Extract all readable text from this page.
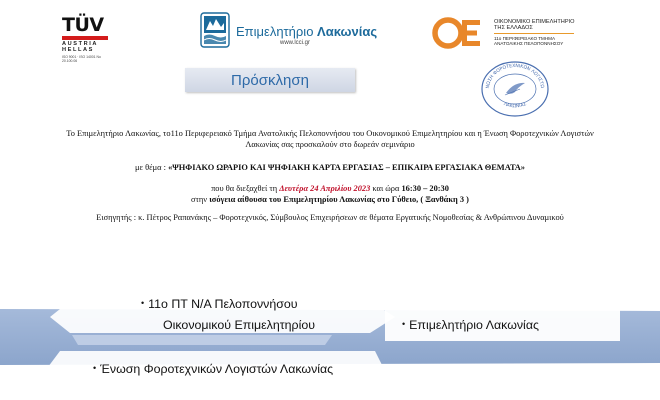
TÜV
AUSTRIA
HELLAS
ISO 9001 · ISO 14001 No 20.100.06
Επιμελητήριο Λακωνίας
www.lcci.gr
ΟΙΚΟΝΟΜΙΚΟ ΕΠΙΜΕΛΗΤΗΡΙΟ ΤΗΣ ΕΛΛΑΔΟΣ
11ο ΠΕΡΙΦΕΡΕΙΑΚΟ ΤΜΗΜΑ ΑΝΑΤΟΛΙΚΗΣ ΠΕΛΟΠΟΝΝΗΣΟΥ
ΝΩΣΗ ΦΟΡΟΤΕΧΝΙΚΩΝ ΛΟΓΙΣΤΩ
ΛΑΚΩΝΙΑΣ
Πρόσκληση
Το Επιμελητήριο Λακωνίας, το11ο Περιφερειακό Τμήμα Ανατολικής Πελοποννήσου του Οικονομικού Επιμελητηρίου και η Ένωση Φοροτεχνικών Λογιστών Λακωνίας σας προσκαλούν στο δωρεάν σεμινάριο
με θέμα : «ΨΗΦΙΑΚΟ ΩΡΑΡΙΟ ΚΑΙ ΨΗΦΙΑΚΗ ΚΑΡΤΑ ΕΡΓΑΣΙΑΣ – ΕΠΙΚΑΙΡΑ ΕΡΓΑΣΙΑΚΑ ΘΕΜΑΤΑ»
που θα διεξαχθεί τη Δευτέρα 24 Απριλίου 2023 και ώρα 16:30 – 20:30
στην ισόγεια αίθουσα του Επιμελητηρίου Λακωνίας στο Γύθειο, ( Ξανθάκη 3 )
Εισηγητής : κ. Πέτρος Ραπανάκης – Φοροτεχνικός, Σύμβουλος Επιχειρήσεων σε θέματα Εργατικής Νομοθεσίας & Ανθρώπινου Δυναμικού
• 11ο ΠΤ Ν/Α Πελοποννήσου
Οικονομικού Επιμελητηρίου	• Επιμελητήριο Λακωνίας
• Ένωση Φοροτεχνικών Λογιστών Λακωνίας
